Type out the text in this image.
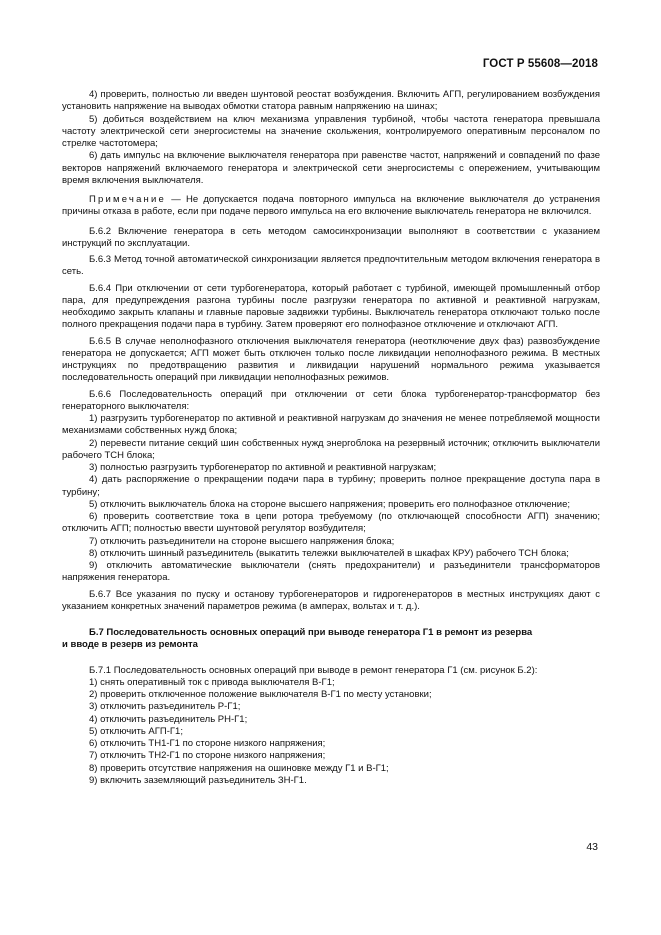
ГОСТ Р 55608—2018

4) проверить, полностью ли введен шунтовой реостат возбуждения. Включить АГП, регулированием возбуждения установить напряжение на выводах обмотки статора равным напряжению на шинах;

5) добиться воздействием на ключ механизма управления турбиной, чтобы частота генератора превышала частоту электрической сети энергосистемы на значение скольжения, контролируемого оперативным персоналом по стрелке частотомера;

6) дать импульс на включение выключателя генератора при равенстве частот, напряжений и совпадений по фазе векторов напряжений включаемого генератора и электрической сети энергосистемы с опережением, учитывающим время включения выключателя.

Примечание — Не допускается подача повторного импульса на включение выключателя до устранения причины отказа в работе, если при подаче первого импульса на его включение выключатель генератора не включился.

Б.6.2 Включение генератора в сеть методом самосинхронизации выполняют в соответствии с указанием инструкций по эксплуатации.

Б.6.3 Метод точной автоматической синхронизации является предпочтительным методом включения генератора в сеть.

Б.6.4 При отключении от сети турбогенератора, который работает с турбиной, имеющей промышленный отбор пара, для предупреждения разгона турбины после разгрузки генератора по активной и реактивной нагрузкам, необходимо закрыть клапаны и главные паровые задвижки турбины. Выключатель генератора отключают только после полного прекращения подачи пара в турбину. Затем проверяют его полнофазное отключение и отключают АГП.

Б.6.5 В случае неполнофазного отключения выключателя генератора (неотключение двух фаз) развозбуждение генератора не допускается; АГП может быть отключен только после ликвидации неполнофазного режима. В местных инструкциях по предотвращению развития и ликвидации нарушений нормального режима указывается последовательность операций при ликвидации неполнофазных режимов.

Б.6.6 Последовательность операций при отключении от сети блока турбогенератор-трансформатор без генераторного выключателя:

1) разгрузить турбогенератор по активной и реактивной нагрузкам до значения не менее потребляемой мощности механизмами собственных нужд блока;

2) перевести питание секций шин собственных нужд энергоблока на резервный источник; отключить выключатели рабочего ТСН блока;

3) полностью разгрузить турбогенератор по активной и реактивной нагрузкам;

4) дать распоряжение о прекращении подачи пара в турбину; проверить полное прекращение доступа пара в турбину;

5) отключить выключатель блока на стороне высшего напряжения; проверить его полнофазное отключение;

6) проверить соответствие тока в цепи ротора требуемому (по отключающей способности АГП) значению; отключить АГП; полностью ввести шунтовой регулятор возбудителя;

7) отключить разъединители на стороне высшего напряжения блока;

8) отключить шинный разъединитель (выкатить тележки выключателей в шкафах КРУ) рабочего ТСН блока;

9) отключить автоматические выключатели (снять предохранители) и разъединители трансформаторов напряжения генератора.

Б.6.7 Все указания по пуску и останову турбогенераторов и гидрогенераторов в местных инструкциях дают с указанием конкретных значений параметров режима (в амперах, вольтах и т. д.).

Б.7 Последовательность основных операций при выводе генератора Г1 в ремонт из резерва
и вводе в резерв из ремонта

Б.7.1 Последовательность основных операций при выводе в ремонт генератора Г1 (см. рисунок Б.2):

1) снять оперативный ток с привода выключателя В-Г1;

2) проверить отключенное положение выключателя В-Г1 по месту установки;

3) отключить разъединитель Р-Г1;

4) отключить разъединитель РН-Г1;

5) отключить АГП-Г1;

6) отключить ТН1-Г1 по стороне низкого напряжения;

7) отключить ТН2-Г1 по стороне низкого напряжения;

8) проверить отсутствие напряжения на ошиновке между Г1 и В-Г1;

9) включить заземляющий разъединитель ЗН-Г1.

43
